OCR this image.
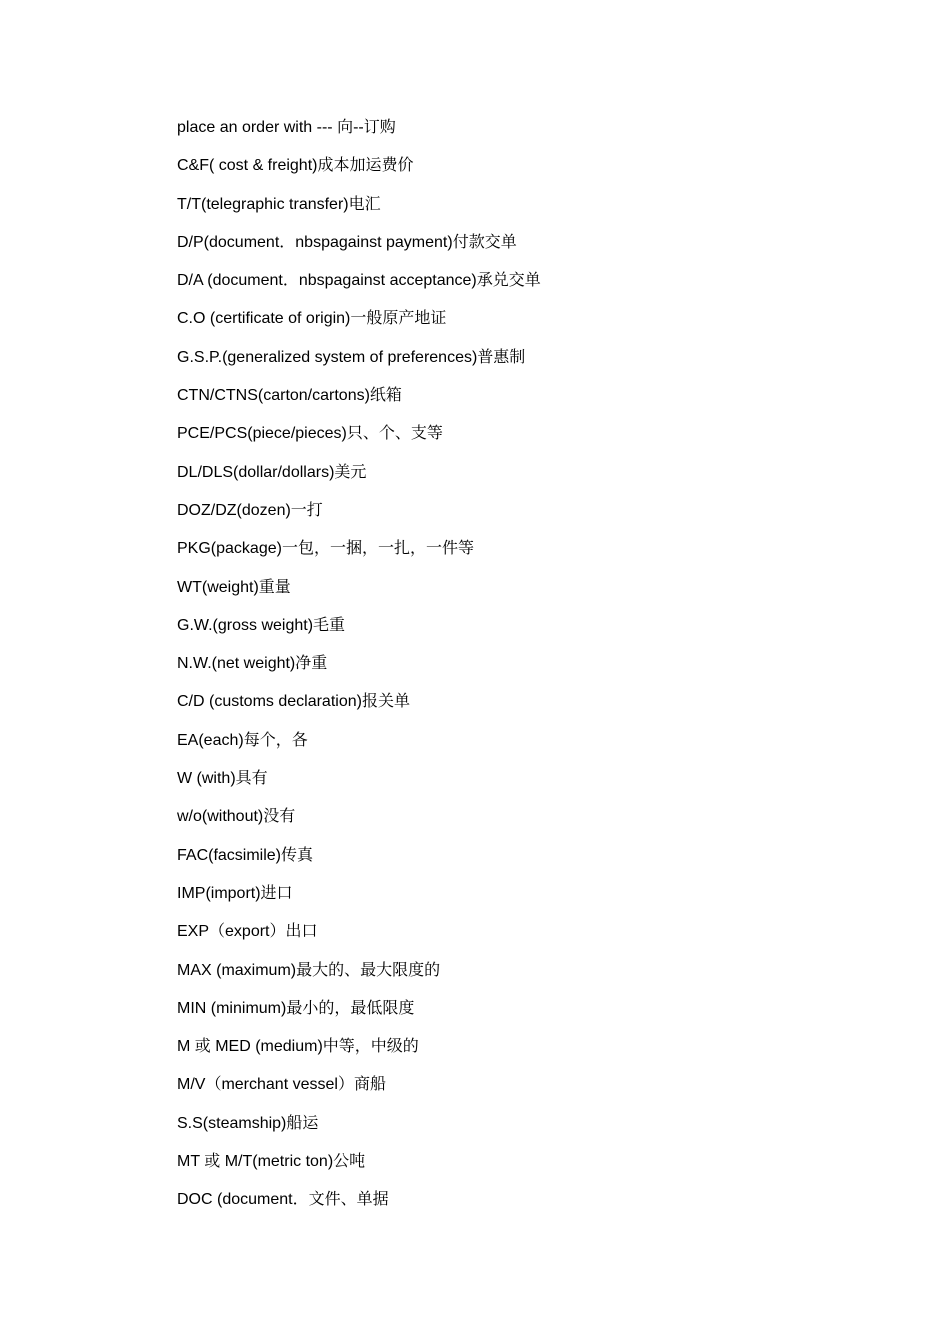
place an order with --- 向--订购
C&F( cost & freight)成本加运费价
T/T(telegraphic transfer)电汇
D/P(document．nbspagainst payment)付款交单
D/A (document．nbspagainst acceptance)承兑交单
C.O (certificate of origin)一般原产地证
G.S.P.(generalized system of preferences)普惠制
CTN/CTNS(carton/cartons)纸箱
PCE/PCS(piece/pieces)只、个、支等
DL/DLS(dollar/dollars)美元
DOZ/DZ(dozen)一打
PKG(package)一包，一捆，一扎，一件等
WT(weight)重量
G.W.(gross weight)毛重
N.W.(net weight)净重
C/D (customs declaration)报关单
EA(each)每个，各
W (with)具有
w/o(without)没有
FAC(facsimile)传真
IMP(import)进口
EXP（export）出口
MAX (maximum)最大的、最大限度的
MIN (minimum)最小的，最低限度
M 或 MED (medium)中等，中级的
M/V（merchant vessel）商船
S.S(steamship)船运
MT 或 M/T(metric ton)公吨
DOC (document．文件、单据
